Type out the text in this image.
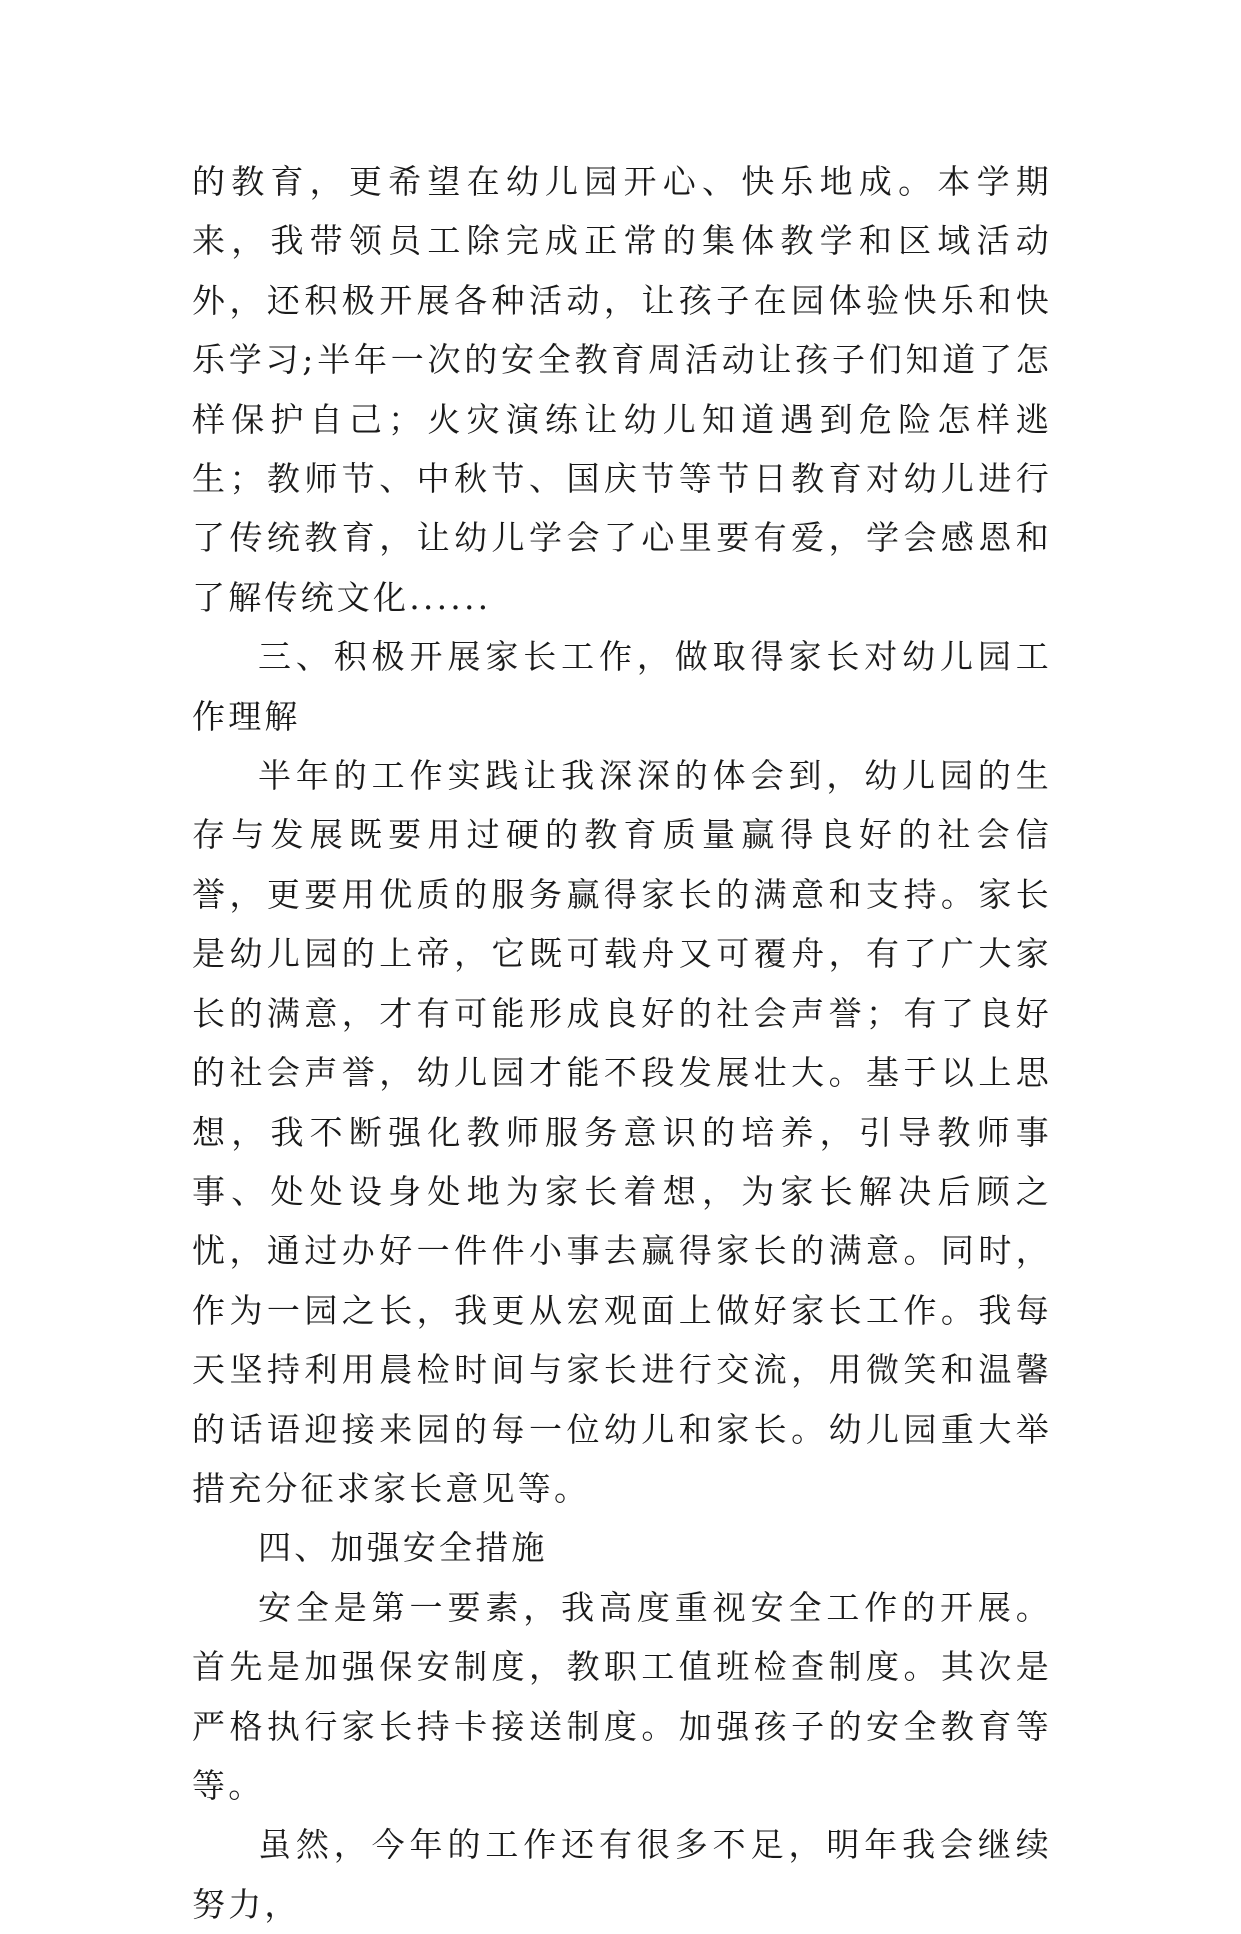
的教育，更希望在幼儿园开心、快乐地成。本学期来，我带领员工除完成正常的集体教学和区域活动外，还积极开展各种活动，让孩子在园体验快乐和快乐学习;半年一次的安全教育周活动让孩子们知道了怎样保护自己；火灾演练让幼儿知道遇到危险怎样逃生；教师节、中秋节、国庆节等节日教育对幼儿进行了传统教育，让幼儿学会了心里要有爱，学会感恩和了解传统文化......

三、积极开展家长工作，做取得家长对幼儿园工作理解

半年的工作实践让我深深的体会到，幼儿园的生存与发展既要用过硬的教育质量赢得良好的社会信誉，更要用优质的服务赢得家长的满意和支持。家长是幼儿园的上帝，它既可载舟又可覆舟，有了广大家长的满意，才有可能形成良好的社会声誉；有了良好的社会声誉，幼儿园才能不段发展壮大。基于以上思想，我不断强化教师服务意识的培养，引导教师事事、处处设身处地为家长着想，为家长解决后顾之忧，通过办好一件件小事去赢得家长的满意。同时，作为一园之长，我更从宏观面上做好家长工作。我每天坚持利用晨检时间与家长进行交流，用微笑和温馨的话语迎接来园的每一位幼儿和家长。幼儿园重大举措充分征求家长意见等。

四、加强安全措施

安全是第一要素，我高度重视安全工作的开展。首先是加强保安制度，教职工值班检查制度。其次是严格执行家长持卡接送制度。加强孩子的安全教育等等。

虽然，今年的工作还有很多不足，明年我会继续努力，
